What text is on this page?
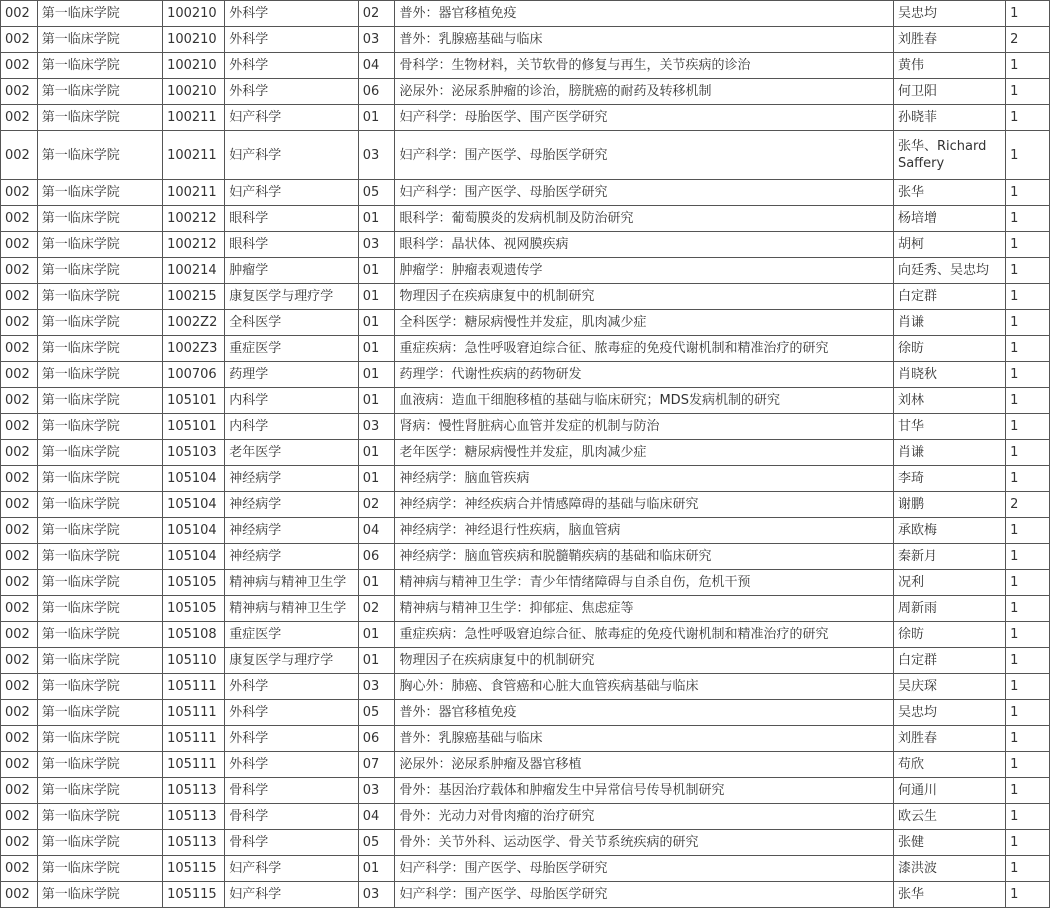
002	第一临床学院	100210	外科学	02	普外：器官移植免疫	吴忠均	1
002	第一临床学院	100210	外科学	03	普外：乳腺癌基础与临床	刘胜春	2
002	第一临床学院	100210	外科学	04	骨科学：生物材料，关节软骨的修复与再生，关节疾病的诊治	黄伟	1
002	第一临床学院	100210	外科学	06	泌尿外：泌尿系肿瘤的诊治，膀胱癌的耐药及转移机制	何卫阳	1
002	第一临床学院	100211	妇产科学	01	妇产科学：母胎医学、围产医学研究	孙晓菲	1
002	第一临床学院	100211	妇产科学	03	妇产科学：围产医学、母胎医学研究	张华、Richard Saffery	1
002	第一临床学院	100211	妇产科学	05	妇产科学：围产医学、母胎医学研究	张华	1
002	第一临床学院	100212	眼科学	01	眼科学：葡萄膜炎的发病机制及防治研究	杨培增	1
002	第一临床学院	100212	眼科学	03	眼科学：晶状体、视网膜疾病	胡柯	1
002	第一临床学院	100214	肿瘤学	01	肿瘤学：肿瘤表观遗传学	向廷秀、吴忠均	1
002	第一临床学院	100215	康复医学与理疗学	01	物理因子在疾病康复中的机制研究	白定群	1
002	第一临床学院	1002Z2	全科医学	01	全科医学：糖尿病慢性并发症，肌肉减少症	肖谦	1
002	第一临床学院	1002Z3	重症医学	01	重症疾病：急性呼吸窘迫综合征、脓毒症的免疫代谢机制和精准治疗的研究	徐昉	1
002	第一临床学院	100706	药理学	01	药理学：代谢性疾病的药物研发	肖晓秋	1
002	第一临床学院	105101	内科学	01	血液病：造血干细胞移植的基础与临床研究；MDS发病机制的研究	刘林	1
002	第一临床学院	105101	内科学	03	肾病：慢性肾脏病心血管并发症的机制与防治	甘华	1
002	第一临床学院	105103	老年医学	01	老年医学：糖尿病慢性并发症，肌肉减少症	肖谦	1
002	第一临床学院	105104	神经病学	01	神经病学：脑血管疾病	李琦	1
002	第一临床学院	105104	神经病学	02	神经病学：神经疾病合并情感障碍的基础与临床研究	谢鹏	2
002	第一临床学院	105104	神经病学	04	神经病学：神经退行性疾病，脑血管病	承欧梅	1
002	第一临床学院	105104	神经病学	06	神经病学：脑血管疾病和脱髓鞘疾病的基础和临床研究	秦新月	1
002	第一临床学院	105105	精神病与精神卫生学	01	精神病与精神卫生学：青少年情绪障碍与自杀自伤，危机干预	况利	1
002	第一临床学院	105105	精神病与精神卫生学	02	精神病与精神卫生学：抑郁症、焦虑症等	周新雨	1
002	第一临床学院	105108	重症医学	01	重症疾病：急性呼吸窘迫综合征、脓毒症的免疫代谢机制和精准治疗的研究	徐昉	1
002	第一临床学院	105110	康复医学与理疗学	01	物理因子在疾病康复中的机制研究	白定群	1
002	第一临床学院	105111	外科学	03	胸心外：肺癌、食管癌和心脏大血管疾病基础与临床	吴庆琛	1
002	第一临床学院	105111	外科学	05	普外：器官移植免疫	吴忠均	1
002	第一临床学院	105111	外科学	06	普外：乳腺癌基础与临床	刘胜春	1
002	第一临床学院	105111	外科学	07	泌尿外：泌尿系肿瘤及器官移植	苟欣	1
002	第一临床学院	105113	骨科学	03	骨外：基因治疗载体和肿瘤发生中异常信号传导机制研究	何通川	1
002	第一临床学院	105113	骨科学	04	骨外：光动力对骨肉瘤的治疗研究	欧云生	1
002	第一临床学院	105113	骨科学	05	骨外：关节外科、运动医学、骨关节系统疾病的研究	张健	1
002	第一临床学院	105115	妇产科学	01	妇产科学：围产医学、母胎医学研究	漆洪波	1
002	第一临床学院	105115	妇产科学	03	妇产科学：围产医学、母胎医学研究	张华	1
